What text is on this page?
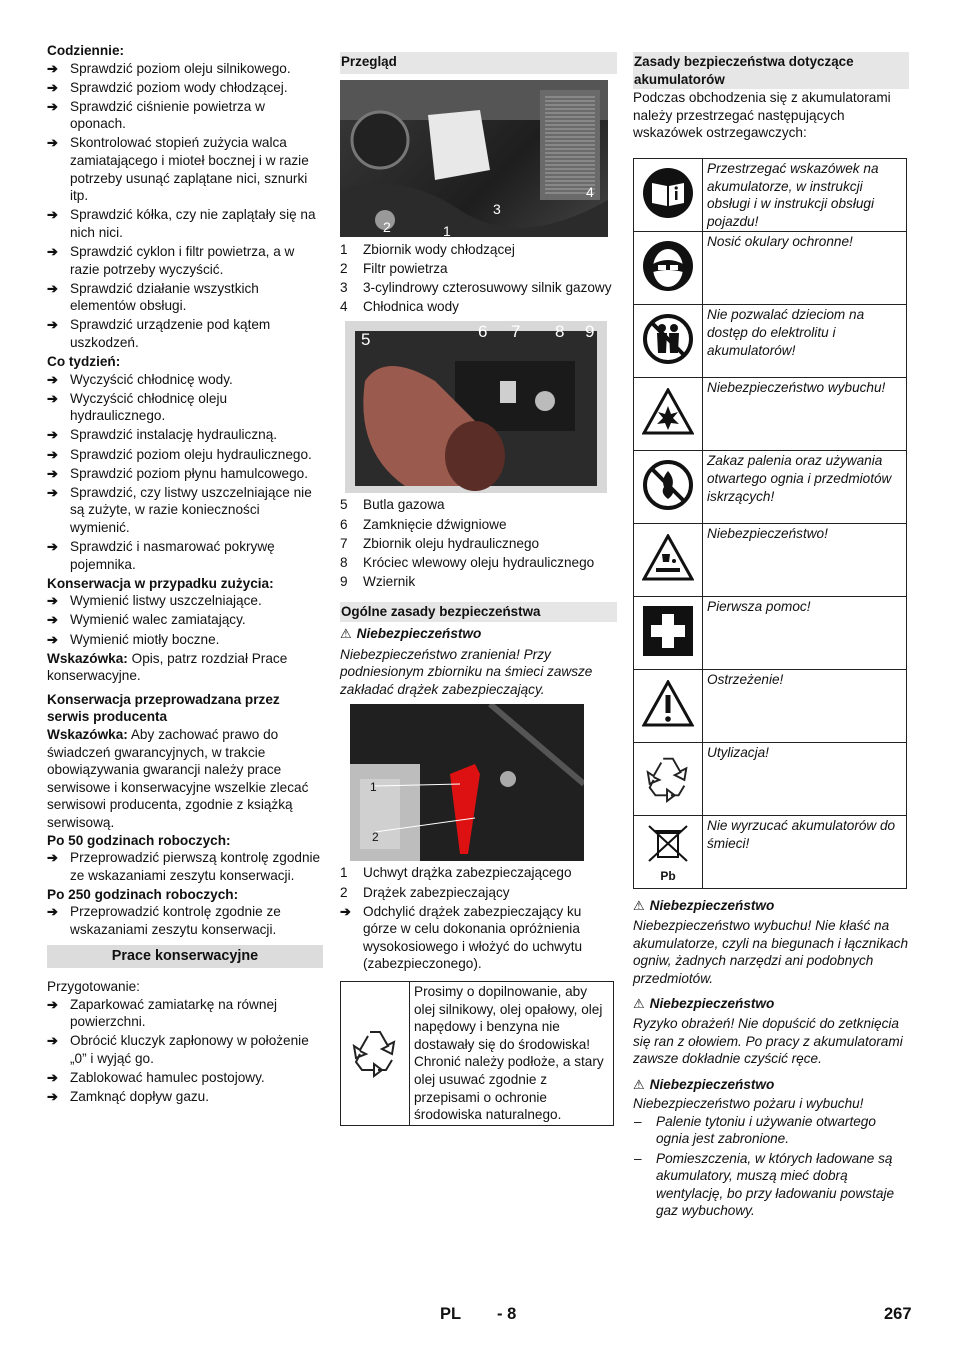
Codziennie:
➔ Sprawdzić poziom oleju silnikowego.
➔ Sprawdzić poziom wody chłodzącej.
➔ Sprawdzić ciśnienie powietrza w oponach.
➔ Skontrolować stopień zużycia walca zamiatającego i mioteł bocznej i w razie potrzeby usunąć zaplątane nici, sznurki itp.
➔ Sprawdzić kółka, czy nie zaplątały się na nich nici.
➔ Sprawdzić cyklon i filtr powietrza, a w razie potrzeby wyczyścić.
➔ Sprawdzić działanie wszystkich elementów obsługi.
➔ Sprawdzić urządzenie pod kątem uszkodzeń.
Co tydzień:
➔ Wyczyścić chłodnicę wody.
➔ Wyczyścić chłodnicę oleju hydraulicznego.
➔ Sprawdzić instalację hydrauliczną.
➔ Sprawdzić poziom oleju hydraulicznego.
➔ Sprawdzić poziom płynu hamulcowego.
➔ Sprawdzić, czy listwy uszczelniające nie są zużyte, w razie konieczności wymienić.
➔ Sprawdzić i nasmarować pokrywę pojemnika.
Konserwacja w przypadku zużycia:
➔ Wymienić listwy uszczelniające.
➔ Wymienić walec zamiatający.
➔ Wymienić miotły boczne.
Wskazówka: Opis, patrz rozdział Prace konserwacyjne.
Konserwacja przeprowadzana przez serwis producenta
Wskazówka: Aby zachować prawo do świadczeń gwarancyjnych, w trakcie obowiązywania gwarancji należy prace serwisowe i konserwacyjne wszelkie zlecać serwisowi producenta, zgodnie z książką serwisową.
Po 50 godzinach roboczych:
➔ Przeprowadzić pierwszą kontrolę zgodnie ze wskazaniami zeszytu konserwacji.
Po 250 godzinach roboczych:
➔ Przeprowadzić kontrolę zgodnie ze wskazaniami zeszytu konserwacji.
Prace konserwacyjne
Przygotowanie:
➔ Zaparkować zamiatarkę na równej powierzchni.
➔ Obrócić kluczyk zapłonowy w położenie „0” i wyjąć go.
➔ Zablokować hamulec postojowy.
➔ Zamknąć dopływ gazu.
Przegląd
2	1
3
4
1 Zbiornik wody chłodzącej
2 Filtr powietrza
3 3-cylindrowy czterosuwowy silnik gazowy
4 Chłodnica wody
5	6 7 8 9
5 Butla gazowa
6 Zamknięcie dźwigniowe
7 Zbiornik oleju hydraulicznego
8 Króciec wlewowy oleju hydraulicznego
9 Wziernik
Ogólne zasady bezpieczeństwa
⚠ Niebezpieczeństwo
Niebezpieczeństwo zranienia! Przy podniesionym zbiorniku na śmieci zawsze zakładać drążek zabezpieczający.
1
2
1 Uchwyt drążka zabezpieczającego
2 Drążek zabezpieczający
➔ Odchylić drążek zabezpieczający ku górze w celu dokonania opróżnienia wysokosiowego i włożyć do uchwytu (zabezpieczonego).
	Prosimy o dopilnowanie, aby olej silnikowy, olej opałowy, olej napędowy i benzyna nie dostawały się do środowiska! Chronić należy podłoże, a stary olej usuwać zgodnie z przepisami o ochronie środowiska naturalnego.
Zasady bezpieczeństwa dotyczące akumulatorów
Podczas obchodzenia się z akumulatorami należy przestrzegać następujących wskazówek ostrzegawczych:
	Przestrzegać wskazówek na akumulatorze, w instrukcji obsługi i w instrukcji obsługi pojazdu!
	Nosić okulary ochronne!
	Nie pozwalać dzieciom na dostęp do elektrolitu i akumulatorów!
	Niebezpieczeństwo wybuchu!
	Zakaz palenia oraz używania otwartego ognia i przedmiotów iskrzących!
	Niebezpieczeństwo!
	Pierwsza pomoc!
	Ostrzeżenie!
	Utylizacja!

Pb	Nie wyrzucać akumulatorów do śmieci!
⚠ Niebezpieczeństwo
Niebezpieczeństwo wybuchu! Nie kłaść na akumulatorze, czyli na biegunach i łącznikach ogniw, żadnych narzędzi ani podobnych przedmiotów.
⚠ Niebezpieczeństwo
Ryzyko obrażeń! Nie dopuścić do zetknięcia się ran z ołowiem. Po pracy z akumulatorami zawsze dokładnie czyścić ręce.
⚠ Niebezpieczeństwo
Niebezpieczeństwo pożaru i wybuchu!
– Palenie tytoniu i używanie otwartego ognia jest zabronione.
– Pomieszczenia, w których ładowane są akumulatory, muszą mieć dobrą wentylację, bo przy ładowaniu powstaje gaz wybuchowy.
PL - 8	267
